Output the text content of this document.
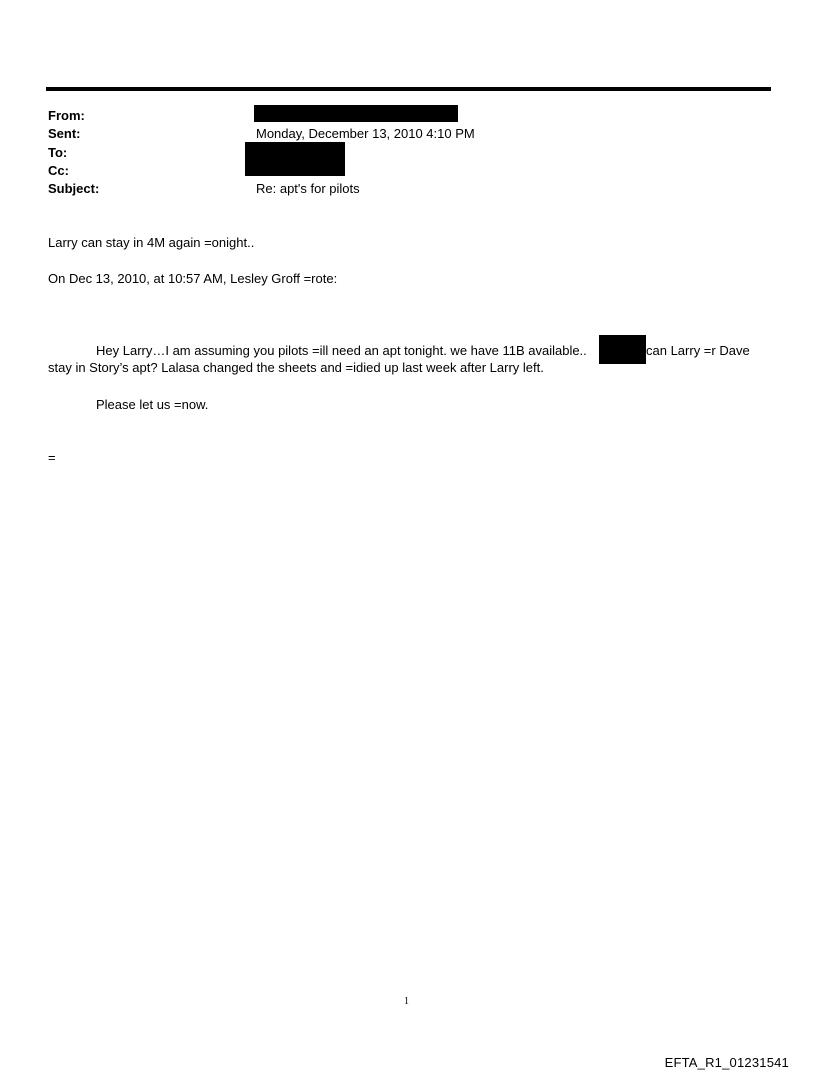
From:
Sent:	Monday, December 13, 2010 4:10 PM
To:
Cc:
Subject:	Re: apt's for pilots
Larry can stay in 4M again =onight..
On Dec 13, 2010, at 10:57 AM, Lesley Groff =rote:
Hey Larry…I am assuming you pilots =ill need an apt tonight. we have 11B available..	can Larry =r Dave
stay in Story’s apt? Lalasa changed the sheets and =idied up last week after Larry left.
Please let us =now.
=
1
EFTA_R1_01231541
